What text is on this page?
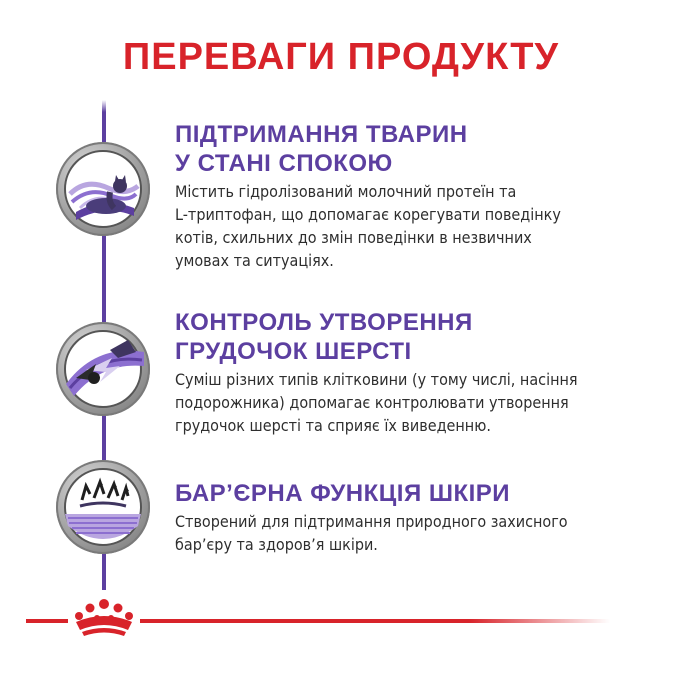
ПЕРЕВАГИ ПРОДУКТУ
ПІДТРИМАННЯ ТВАРИН
У СТАНІ СПОКОЮ

Містить гідролізований молочний протеїн та
L-триптофан, що допомагає корегувати поведінку
котів, схильних до змін поведінки в незвичних
умовах та ситуаціях.

КОНТРОЛЬ УТВОРЕННЯ
ГРУДОЧОК ШЕРСТІ

Суміш різних типів клітковини (у тому числі, насіння
подорожника) допомагає контролювати утворення
грудочок шерсті та сприяє їх виведенню.

БАР’ЄРНА ФУНКЦІЯ ШКІРИ

Створений для підтримання природного захисного
бар’єру та здоров’я шкіри.
